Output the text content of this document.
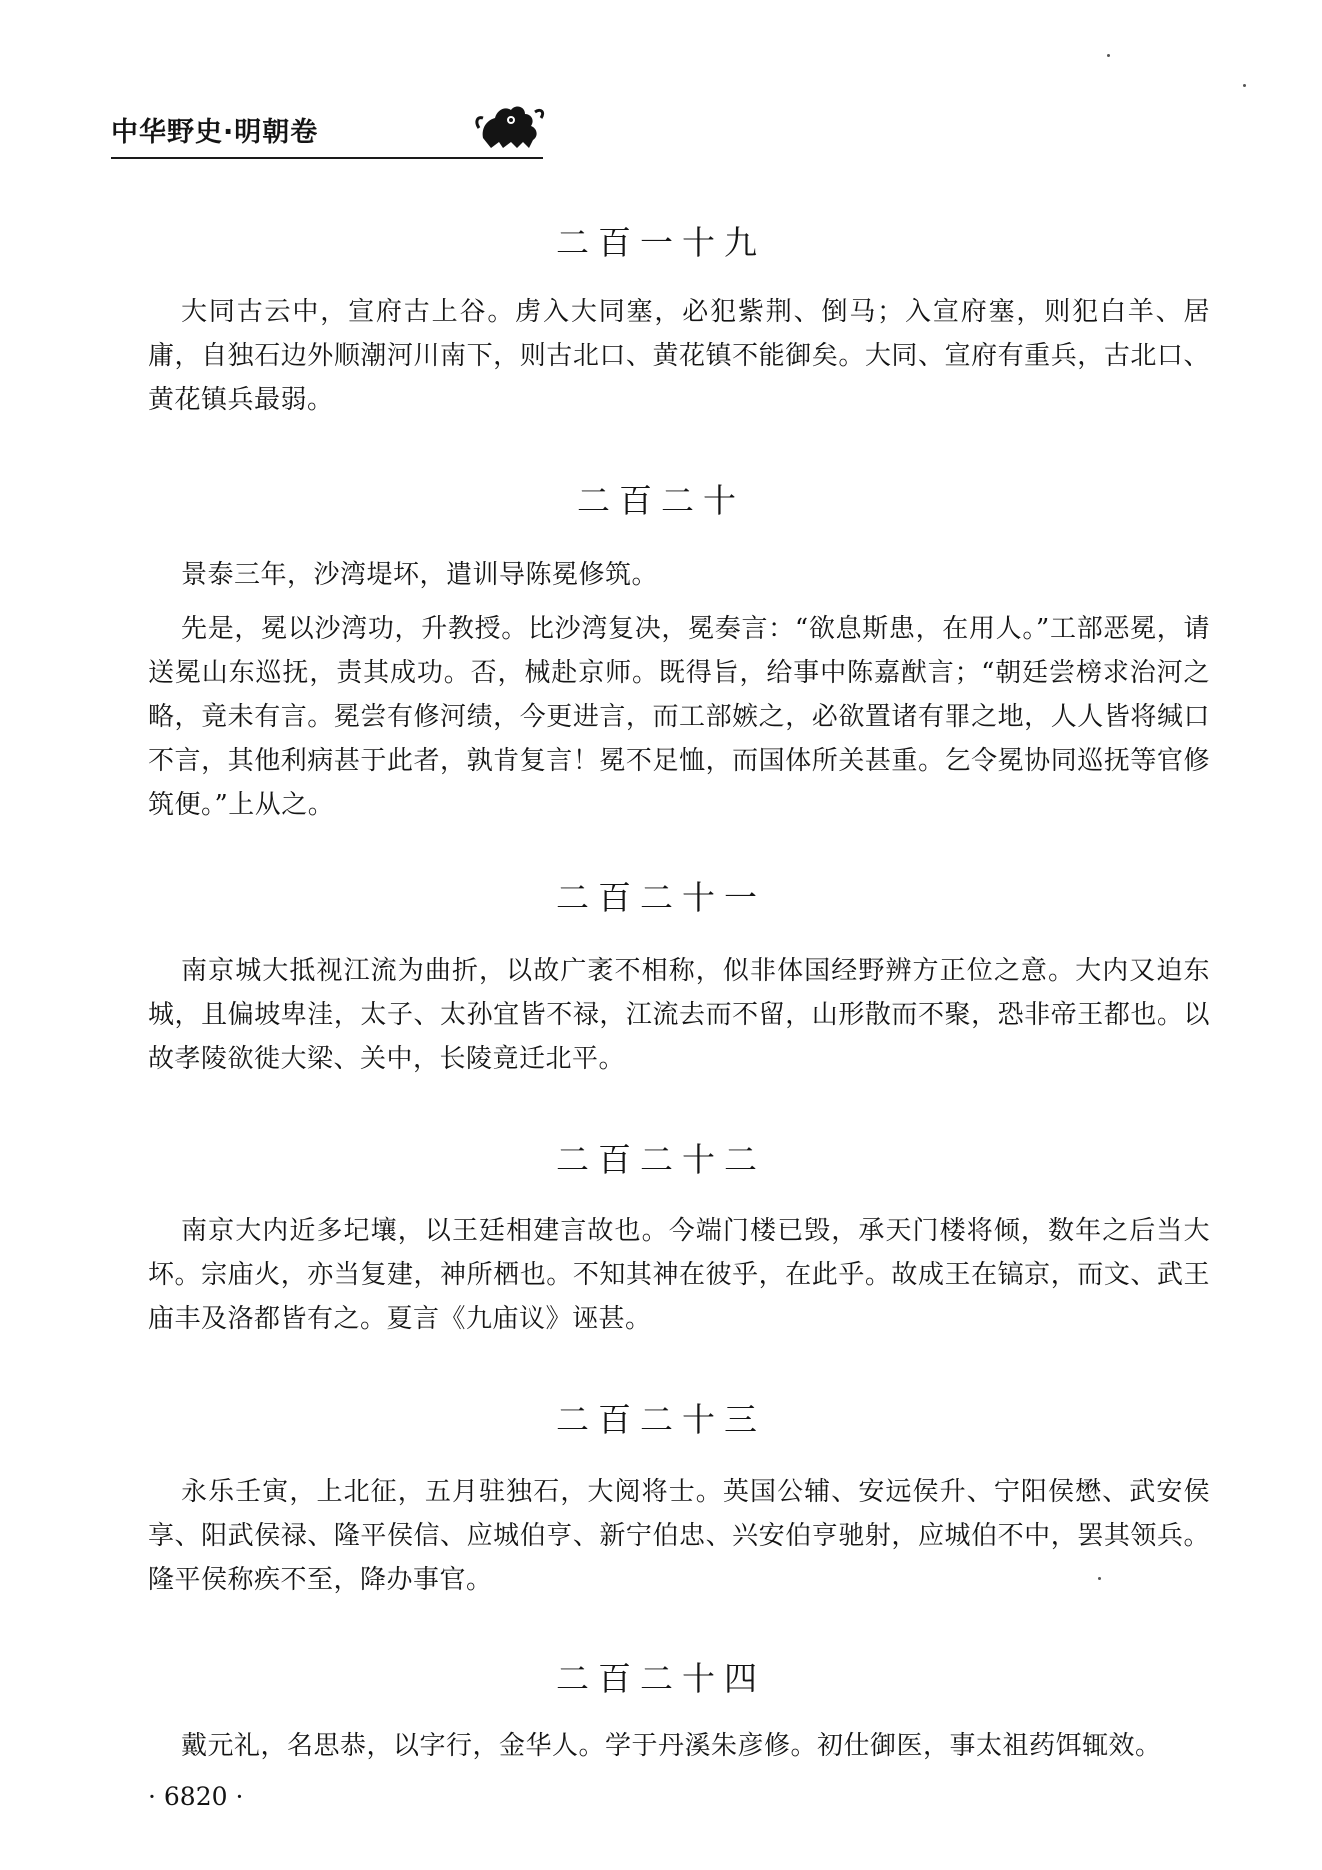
中华野史·明朝卷
二百一十九
大同古云中，宣府古上谷。虏入大同塞，必犯紫荆、倒马；入宣府塞，则犯白羊、居庸，自独石边外顺潮河川南下，则古北口、黄花镇不能御矣。大同、宣府有重兵，古北口、黄花镇兵最弱。
二百二十
景泰三年，沙湾堤坏，遣训导陈冕修筑。
先是，冕以沙湾功，升教授。比沙湾复决，冕奏言：“欲息斯患，在用人。”工部恶冕，请送冕山东巡抚，责其成功。否，械赴京师。既得旨，给事中陈嘉猷言；“朝廷尝榜求治河之略，竟未有言。冕尝有修河绩，今更进言，而工部嫉之，必欲置诸有罪之地，人人皆将缄口不言，其他利病甚于此者，孰肯复言！冕不足恤，而国体所关甚重。乞令冕协同巡抚等官修筑便。”上从之。
二百二十一
南京城大抵视江流为曲折，以故广袤不相称，似非体国经野辨方正位之意。大内又迫东城，且偏坡卑洼，太子、太孙宜皆不禄，江流去而不留，山形散而不聚，恐非帝王都也。以故孝陵欲徙大梁、关中，长陵竟迁北平。
二百二十二
南京大内近多圮壤，以王廷相建言故也。今端门楼已毁，承天门楼将倾，数年之后当大坏。宗庙火，亦当复建，神所栖也。不知其神在彼乎，在此乎。故成王在镐京，而文、武王庙丰及洛都皆有之。夏言《九庙议》诬甚。
二百二十三
永乐壬寅，上北征，五月驻独石，大阅将士。英国公辅、安远侯升、宁阳侯懋、武安侯享、阳武侯禄、隆平侯信、应城伯亨、新宁伯忠、兴安伯亨驰射，应城伯不中，罢其领兵。隆平侯称疾不至，降办事官。
二百二十四
戴元礼，名思恭，以字行，金华人。学于丹溪朱彦修。初仕御医，事太祖药饵辄效。
· 6820 ·
